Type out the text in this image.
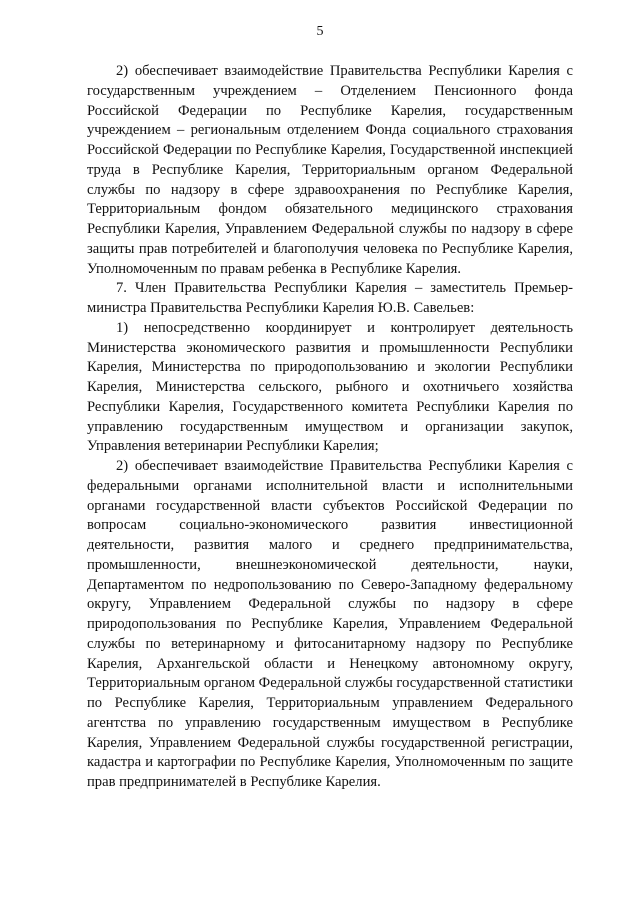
5

2) обеспечивает взаимодействие Правительства Республики Карелия с государственным учреждением – Отделением Пенсионного фонда Российской Федерации по Республике Карелия, государственным учреждением – региональным отделением Фонда социального страхования Российской Федерации по Республике Карелия, Государственной инспекцией труда в Республике Карелия, Территориальным органом Федеральной службы по надзору в сфере здравоохранения по Республике Карелия, Территориальным фондом обязательного медицинского страхования Республики Карелия, Управлением Федеральной службы по надзору в сфере защиты прав потребителей и благополучия человека по Республике Карелия, Уполномоченным по правам ребенка в Республике Карелия.

7. Член Правительства Республики Карелия – заместитель Премьер-министра Правительства Республики Карелия Ю.В. Савельев:

1) непосредственно координирует и контролирует деятельность Министерства экономического развития и промышленности Республики Карелия, Министерства по природопользованию и экологии Республики Карелия, Министерства сельского, рыбного и охотничьего хозяйства Республики Карелия, Государственного комитета Республики Карелия по управлению государственным имуществом и организации закупок, Управления ветеринарии Республики Карелия;

2) обеспечивает взаимодействие Правительства Республики Карелия с федеральными органами исполнительной власти и исполнительными органами государственной власти субъектов Российской Федерации по вопросам социально-экономического развития инвестиционной деятельности, развития малого и среднего предпринимательства, промышленности, внешнеэкономической деятельности, науки, Департаментом по недропользованию по Северо-Западному федеральному округу, Управлением Федеральной службы по надзору в сфере природопользования по Республике Карелия, Управлением Федеральной службы по ветеринарному и фитосанитарному надзору по Республике Карелия, Архангельской области и Ненецкому автономному округу, Территориальным органом Федеральной службы государственной статистики по Республике Карелия, Территориальным управлением Федерального агентства по управлению государственным имуществом в Республике Карелия, Управлением Федеральной службы государственной регистрации, кадастра и картографии по Республике Карелия, Уполномоченным по защите прав предпринимателей в Республике Карелия.
